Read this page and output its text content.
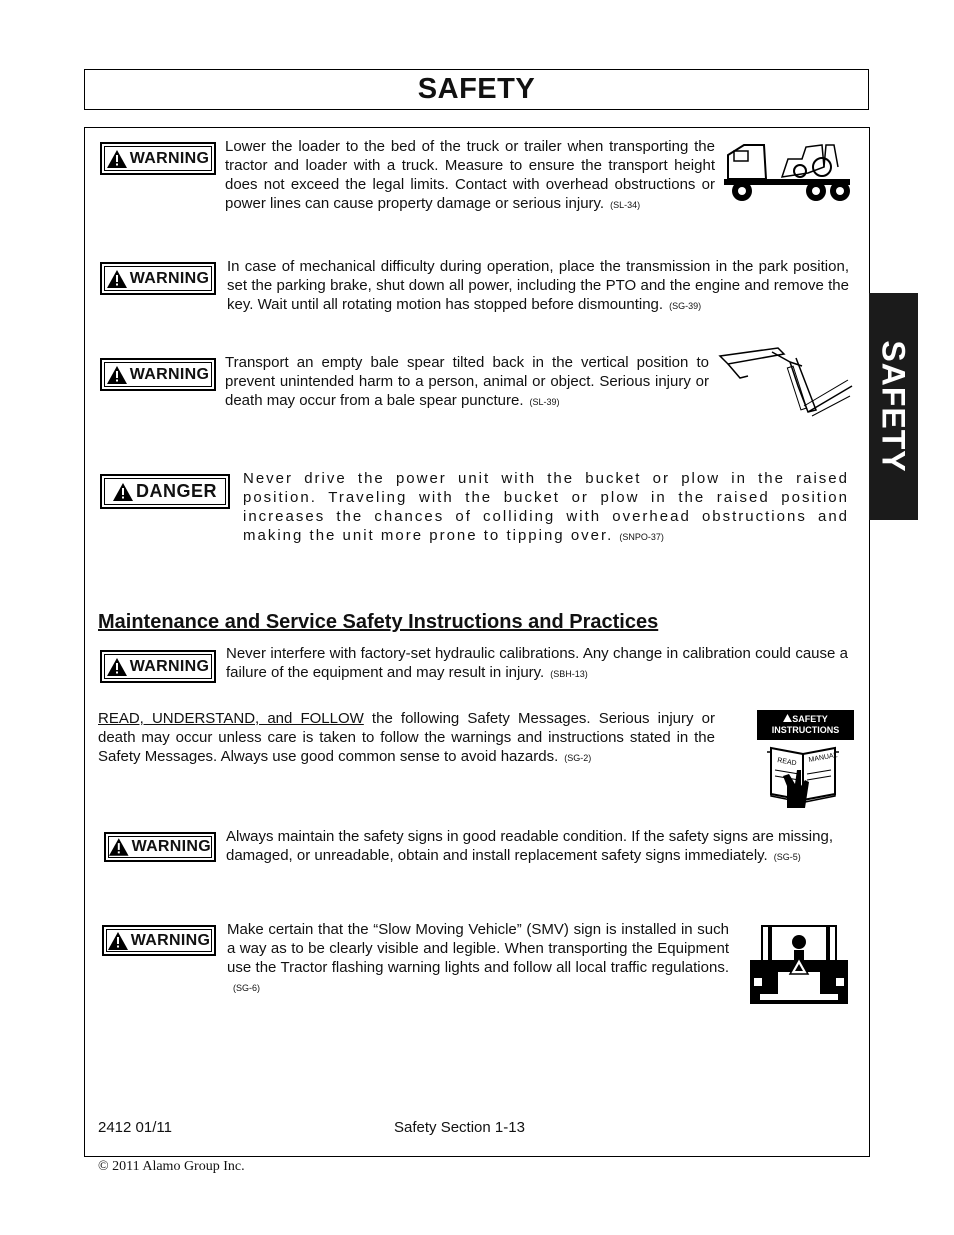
SAFETY
SAFETY
WARNING

Lower the loader to the bed of the truck or trailer when transporting the tractor and loader with a truck. Measure to ensure the transport height does not exceed the legal limits. Contact with overhead obstructions or power lines can cause property damage or serious injury. (SL-34)

WARNING

In case of mechanical difficulty during operation, place the transmission in the park position, set the parking brake, shut down all power, including the PTO and the engine and remove the key. Wait until all rotating motion has stopped before dismounting. (SG-39)

WARNING

Transport an empty bale spear tilted back in the vertical position to prevent unintended harm to a person, animal or object. Serious injury or death may occur from a bale spear puncture. (SL-39)

DANGER

Never drive the power unit with the bucket or plow in the raised position. Traveling with the bucket or plow in the raised position increases the chances of colliding with overhead obstructions and making the unit more prone to tipping over. (SNPO-37)

Maintenance and Service Safety Instructions and Practices
WARNING

Never interfere with factory-set hydraulic calibrations. Any change in calibration could cause a failure of the equipment and may result in injury. (SBH-13)

READ, UNDERSTAND, and FOLLOW the following Safety Messages. Serious injury or death may occur unless care is taken to follow the warnings and instructions stated in the Safety Messages. Always use good common sense to avoid hazards. (SG-2)

SAFETY
INSTRUCTIONS
READ MANUAL
WARNING

Always maintain the safety signs in good readable condition. If the safety signs are missing, damaged, or unreadable, obtain and install replacement safety signs immediately. (SG-5)

WARNING

Make certain that the “Slow Moving Vehicle” (SMV) sign is installed in such a way as to be clearly visible and legible. When transporting the Equipment use the Tractor flashing warning lights and follow all local traffic regulations.(SG-6)

2412 01/11	Safety Section 1-13
© 2011 Alamo Group Inc.
